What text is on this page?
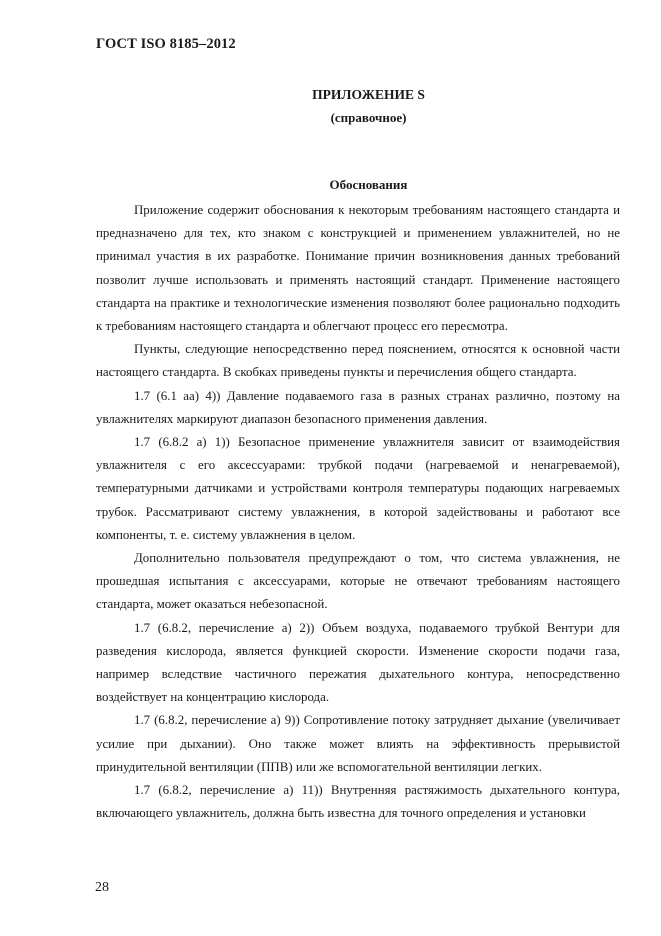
ГОСТ ISO 8185–2012
ПРИЛОЖЕНИЕ S
(справочное)
Обоснования

Приложение содержит обоснования к некоторым требованиям настоящего стандарта и предназначено для тех, кто знаком с конструкцией и применением увлажнителей, но не принимал участия в их разработке. Понимание причин возникновения данных требований позволит лучше использовать и применять настоящий стандарт. Применение настоящего стандарта на практике и технологические изменения позволяют более рационально подходить к требованиям настоящего стандарта и облегчают процесс его пересмотра.

Пункты, следующие непосредственно перед пояснением, относятся к основной части настоящего стандарта. В скобках приведены пункты и перечисления общего стандарта.

1.7 (6.1 аа) 4)) Давление подаваемого газа в разных странах различно, поэтому на увлажнителях маркируют диапазон безопасного применения давления.

1.7 (6.8.2 а) 1)) Безопасное применение увлажнителя зависит от взаимодействия увлажнителя с его аксессуарами: трубкой подачи (нагреваемой и ненагреваемой), температурными датчиками и устройствами контроля температуры подающих нагреваемых трубок. Рассматривают систему увлажнения, в которой задействованы и работают все компоненты, т. е. систему увлажнения в целом.

Дополнительно пользователя предупреждают о том, что система увлажнения, не прошедшая испытания с аксессуарами, которые не отвечают требованиям настоящего стандарта, может оказаться небезопасной.

1.7 (6.8.2, перечисление а) 2)) Объем воздуха, подаваемого трубкой Вентури для разведения кислорода, является функцией скорости. Изменение скорости подачи газа, например вследствие частичного пережатия дыхательного контура, непосредственно воздействует на концентрацию кислорода.

1.7 (6.8.2, перечисление а) 9)) Сопротивление потоку затрудняет дыхание (увеличивает усилие при дыхании). Оно также может влиять на эффективность прерывистой принудительной вентиляции (ППВ) или же вспомогательной вентиляции легких.

1.7 (6.8.2, перечисление а) 11)) Внутренняя растяжимость дыхательного контура, включающего увлажнитель, должна быть известна для точного определения и установки

28
